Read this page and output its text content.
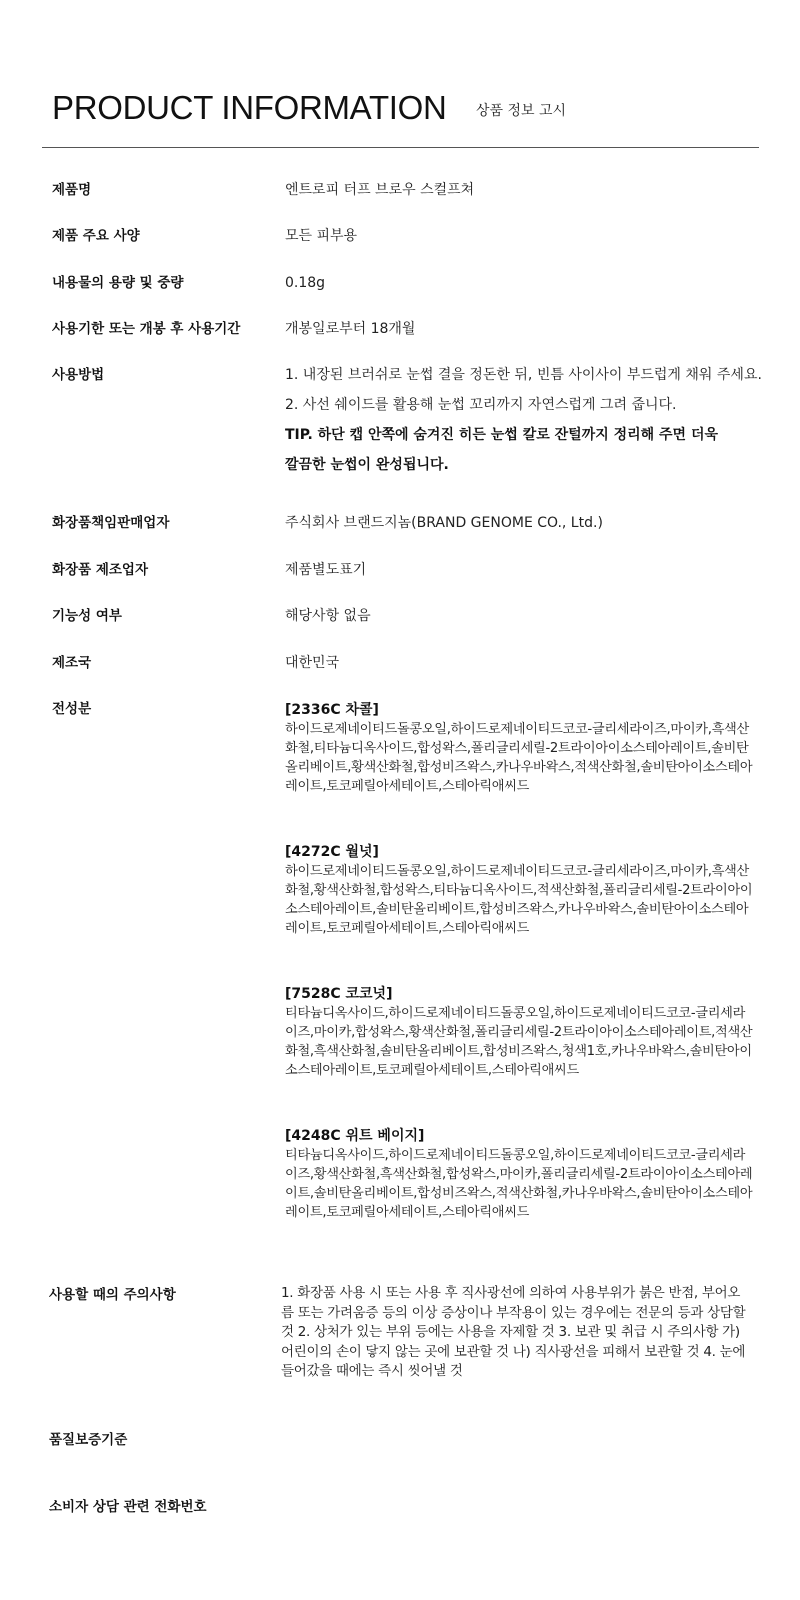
PRODUCT INFORMATION 상품 정보 고시
제품명	엔트로피 터프 브로우 스컬프쳐
제품 주요 사양	모든 피부용
내용물의 용량 및 중량	0.18g
사용기한 또는 개봉 후 사용기간	개봉일로부터 18개월
사용방법	1. 내장된 브러쉬로 눈썹 결을 정돈한 뒤, 빈틈 사이사이 부드럽게 채워 주세요.
2. 사선 쉐이드를 활용해 눈썹 꼬리까지 자연스럽게 그려 줍니다.
TIP. 하단 캡 안쪽에 숨겨진 히든 눈썹 칼로 잔털까지 정리해 주면 더욱
깔끔한 눈썹이 완성됩니다.
화장품책임판매업자	주식회사 브랜드지놈(BRAND GENOME CO., Ltd.)
화장품 제조업자	제품별도표기
기능성 여부	해당사항 없음
제조국	대한민국
전성분	[2336C 차콜]
하이드로제네이티드돌콩오일,하이드로제네이티드코코-글리세라이즈,마이카,흑색산화철,티타늄디옥사이드,합성왁스,폴리글리세릴-2트라이아이소스테아레이트,솔비탄올리베이트,황색산화철,합성비즈왁스,카나우바왁스,적색산화철,솔비탄아이소스테아레이트,토코페릴아세테이트,스테아릭애씨드
[4272C 월넛]
하이드로제네이티드돌콩오일,하이드로제네이티드코코-글리세라이즈,마이카,흑색산화철,황색산화철,합성왁스,티타늄디옥사이드,적색산화철,폴리글리세릴-2트라이아이소스테아레이트,솔비탄올리베이트,합성비즈왁스,카나우바왁스,솔비탄아이소스테아레이트,토코페릴아세테이트,스테아릭애씨드
[7528C 코코넛]
티타늄디옥사이드,하이드로제네이티드돌콩오일,하이드로제네이티드코코-글리세라이즈,마이카,합성왁스,황색산화철,폴리글리세릴-2트라이아이소스테아레이트,적색산화철,흑색산화철,솔비탄올리베이트,합성비즈왁스,청색1호,카나우바왁스,솔비탄아이소스테아레이트,토코페릴아세테이트,스테아릭애씨드
[4248C 위트 베이지]
티타늄디옥사이드,하이드로제네이티드돌콩오일,하이드로제네이티드코코-글리세라이즈,황색산화철,흑색산화철,합성왁스,마이카,폴리글리세릴-2트라이아이소스테아레이트,솔비탄올리베이트,합성비즈왁스,적색산화철,카나우바왁스,솔비탄아이소스테아레이트,토코페릴아세테이트,스테아릭애씨드
사용할 때의 주의사항	1. 화장품 사용 시 또는 사용 후 직사광선에 의하여 사용부위가 붉은 반점, 부어오름 또는 가려움증 등의 이상 증상이나 부작용이 있는 경우에는 전문의 등과 상담할 것 2. 상처가 있는 부위 등에는 사용을 자제할 것 3. 보관 및 취급 시 주의사항 가) 어린이의 손이 닿지 않는 곳에 보관할 것 나) 직사광선을 피해서 보관할 것 4. 눈에 들어갔을 때에는 즉시 씻어낼 것
품질보증기준
소비자 상담 관련 전화번호
